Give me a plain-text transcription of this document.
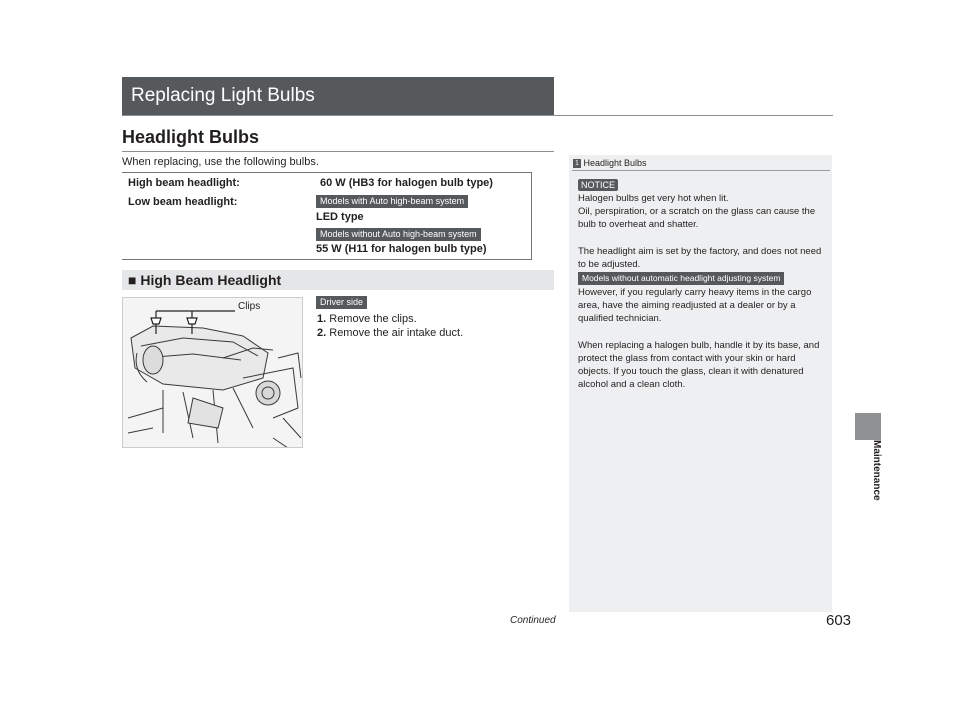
Replacing Light Bulbs
Headlight Bulbs
When replacing, use the following bulbs.
High beam headlight:	60 W (HB3 for halogen bulb type)
Low beam headlight:	Models with Auto high-beam system
LED type
Models without Auto high-beam system
55 W (H11 for halogen bulb type)
■ High Beam Headlight
Clips	Driver side
1. Remove the clips.
2. Remove the air intake duct.
1 Headlight Bulbs
NOTICE
Halogen bulbs get very hot when lit.
Oil, perspiration, or a scratch on the glass can cause the bulb to overheat and shatter.
The headlight aim is set by the factory, and does not need to be adjusted.
Models without automatic headlight adjusting system
However, if you regularly carry heavy items in the cargo area, have the aiming readjusted at a dealer or by a qualified technician.
When replacing a halogen bulb, handle it by its base, and protect the glass from contact with your skin or hard objects. If you touch the glass, clean it with denatured alcohol and a clean cloth.
Maintenance
Continued	603
